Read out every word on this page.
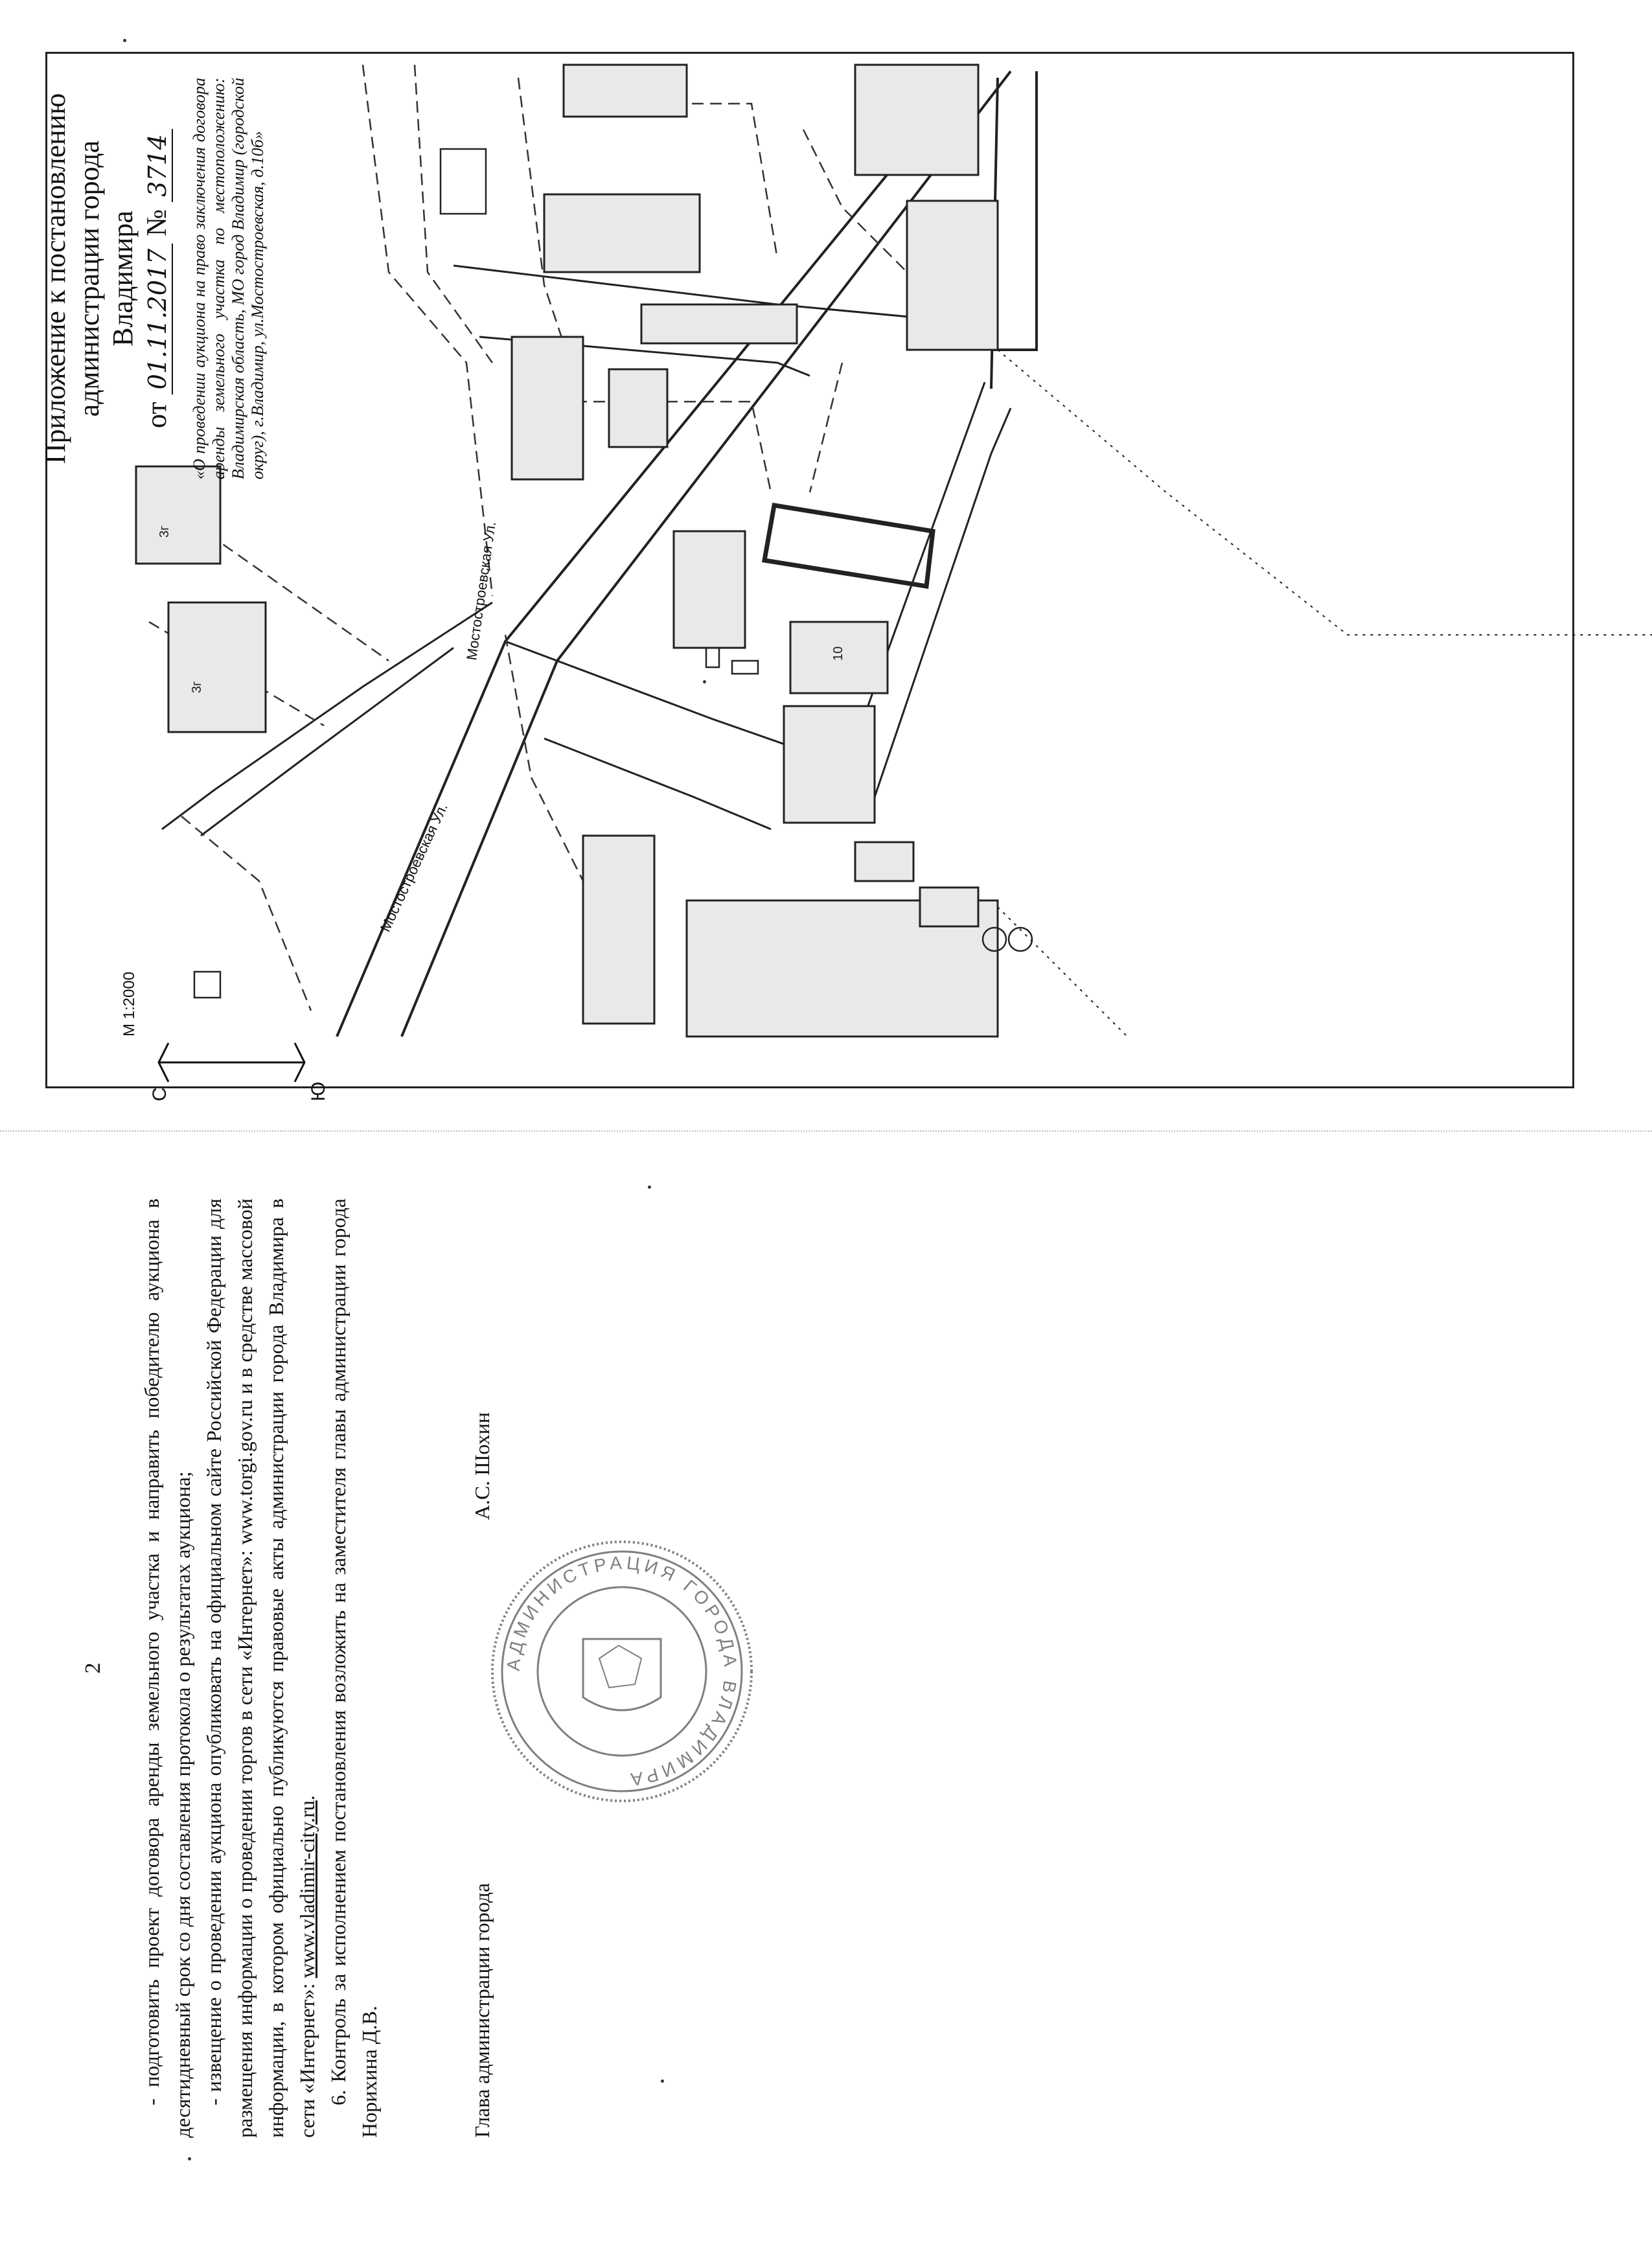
3г
3г
10
Мостостроевская Ул.
Мостостроевская Ул.
Приложение к постановлению администрации города Владимира
от 01.11.2017 № 3714 «О проведении аукциона на право заключения договора аренды земельного участка по местоположению: Владимирская область, МО город Владимир (городской округ), г.Владимир, ул.Мостостроевская, д.10б»
М 1:2000
С	Ю
2 - подготовить проект договора аренды земельного участка и направить победителю аукциона в десятидневный срок со дня составления протокола о результатах аукциона; - извещение о проведении аукциона опубликовать на официальном сайте Российской Федерации для размещения информации о проведении торгов в сети «Интернет»: www.torgi.gov.ru и в средстве массовой информации, в котором официально публикуются правовые акты администрации города Владимира в сети «Интернет»: www.vladimir-city.ru. 6. Контроль за исполнением постановления возложить на заместителя главы администрации города Норихина Д.В.	Глава администрации города
А.С. Шохин
АДМИНИСТРАЦИЯ ГОРОДА ВЛАДИМИРА
